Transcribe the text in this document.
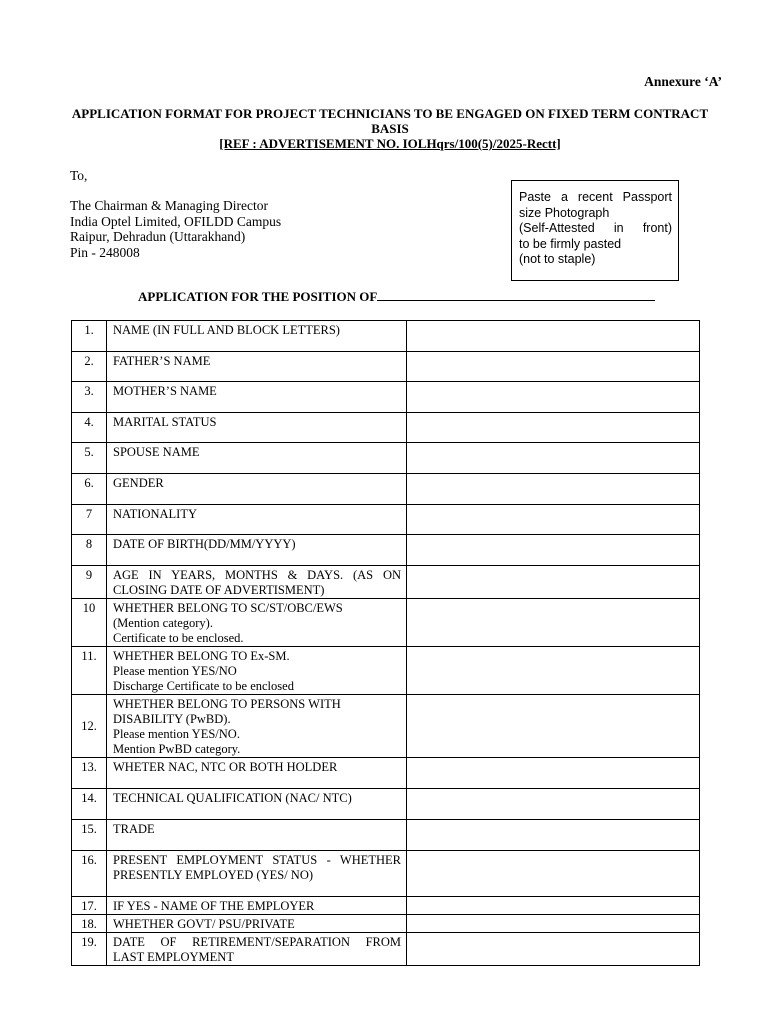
Annexure ‘A’
APPLICATION FORMAT FOR PROJECT TECHNICIANS TO BE ENGAGED ON FIXED TERM CONTRACT
BASIS
[REF : ADVERTISEMENT NO. IOLHqrs/100(5)/2025-Rectt]
To,
The Chairman & Managing Director
India Optel Limited, OFILDD Campus
Raipur, Dehradun (Uttarakhand)
Pin - 248008
Paste a recent Passport
size Photograph
(Self-Attested in front)
to be firmly pasted
(not to staple)
APPLICATION FOR THE POSITION OF
1.	NAME (IN FULL AND BLOCK LETTERS)	

2.	FATHER’S NAME	

3.	MOTHER’S NAME	

4.	MARITAL STATUS	

5.	SPOUSE NAME	

6.	GENDER	

7	NATIONALITY	

8	DATE OF BIRTH(DD/MM/YYYY)	

9	AGE IN YEARS, MONTHS & DAYS. (AS ON
CLOSING DATE OF ADVERTISMENT)	

10	WHETHER BELONG TO SC/ST/OBC/EWS
(Mention category).
Certificate to be enclosed.	

11.	WHETHER BELONG TO Ex-SM.
Please mention YES/NO
Discharge Certificate to be enclosed	

12.	WHETHER BELONG TO PERSONS WITH
DISABILITY (PwBD).
Please mention YES/NO.
Mention PwBD category.	

13.	WHETER NAC, NTC OR BOTH HOLDER	

14.	TECHNICAL QUALIFICATION (NAC/ NTC)	

15.	TRADE	

16.	PRESENT EMPLOYMENT STATUS - WHETHER
PRESENTLY EMPLOYED (YES/ NO)	

17.	IF YES - NAME OF THE EMPLOYER	

18.	WHETHER GOVT/ PSU/PRIVATE	

19.	DATE OF RETIREMENT/SEPARATION FROM
LAST EMPLOYMENT	
